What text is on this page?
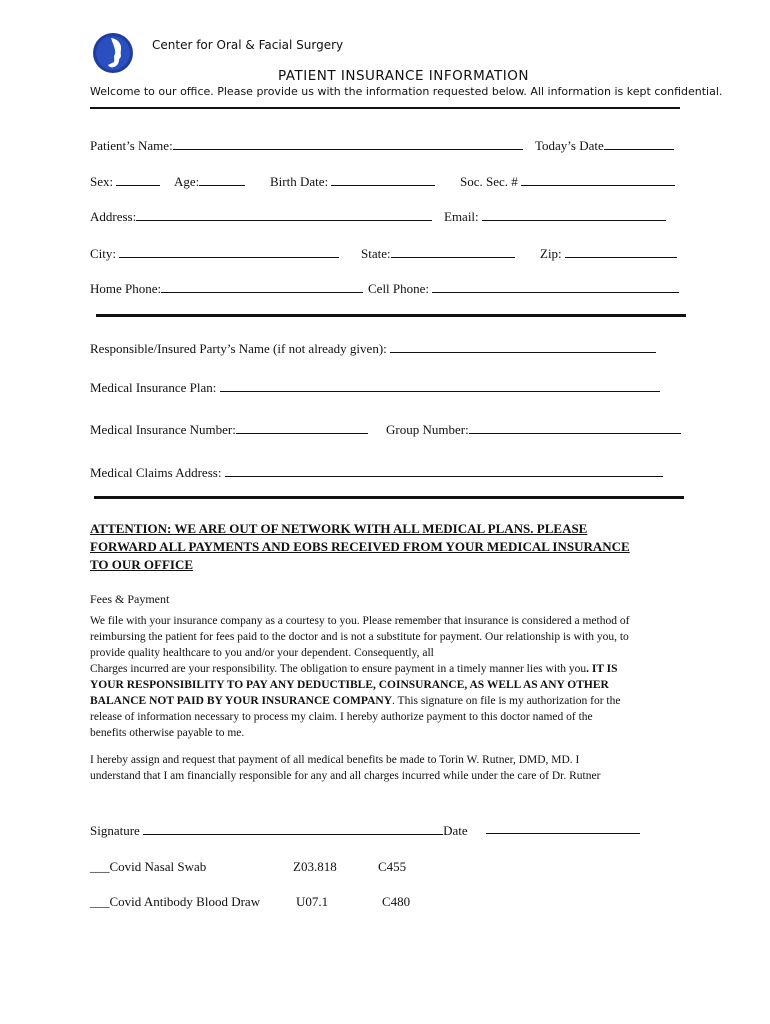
Center for Oral & Facial Surgery
PATIENT INSURANCE INFORMATION
Welcome to our office. Please provide us with the information requested below. All information is kept confidential.
Patient’s Name:	Today’s Date
Sex:	Age:	Birth Date:	Soc. Sec. #
Address:	Email:
City:	State:	Zip:
Home Phone:	Cell Phone:
Responsible/Insured Party’s Name (if not already given):
Medical Insurance Plan:
Medical Insurance Number:	Group Number:
Medical Claims Address:
ATTENTION: WE ARE OUT OF NETWORK WITH ALL MEDICAL PLANS. PLEASE
FORWARD ALL PAYMENTS AND EOBS RECEIVED FROM YOUR MEDICAL INSURANCE
TO OUR OFFICE
Fees & Payment
We file with your insurance company as a courtesy to you. Please remember that insurance is considered a method of
reimbursing the patient for fees paid to the doctor and is not a substitute for payment. Our relationship is with you, to
provide quality healthcare to you and/or your dependent. Consequently, all
Charges incurred are your responsibility. The obligation to ensure payment in a timely manner lies with you. IT IS
YOUR RESPONSIBILITY TO PAY ANY DEDUCTIBLE, COINSURANCE, AS WELL AS ANY OTHER
BALANCE NOT PAID BY YOUR INSURANCE COMPANY. This signature on file is my authorization for the
release of information necessary to process my claim. I hereby authorize payment to this doctor named of the
benefits otherwise payable to me.
I hereby assign and request that payment of all medical benefits be made to Torin W. Rutner, DMD, MD. I
understand that I am financially responsible for any and all charges incurred while under the care of Dr. Rutner
Signature	Date
___Covid Nasal Swab	Z03.818	C455
___Covid Antibody Blood Draw	U07.1	C480
